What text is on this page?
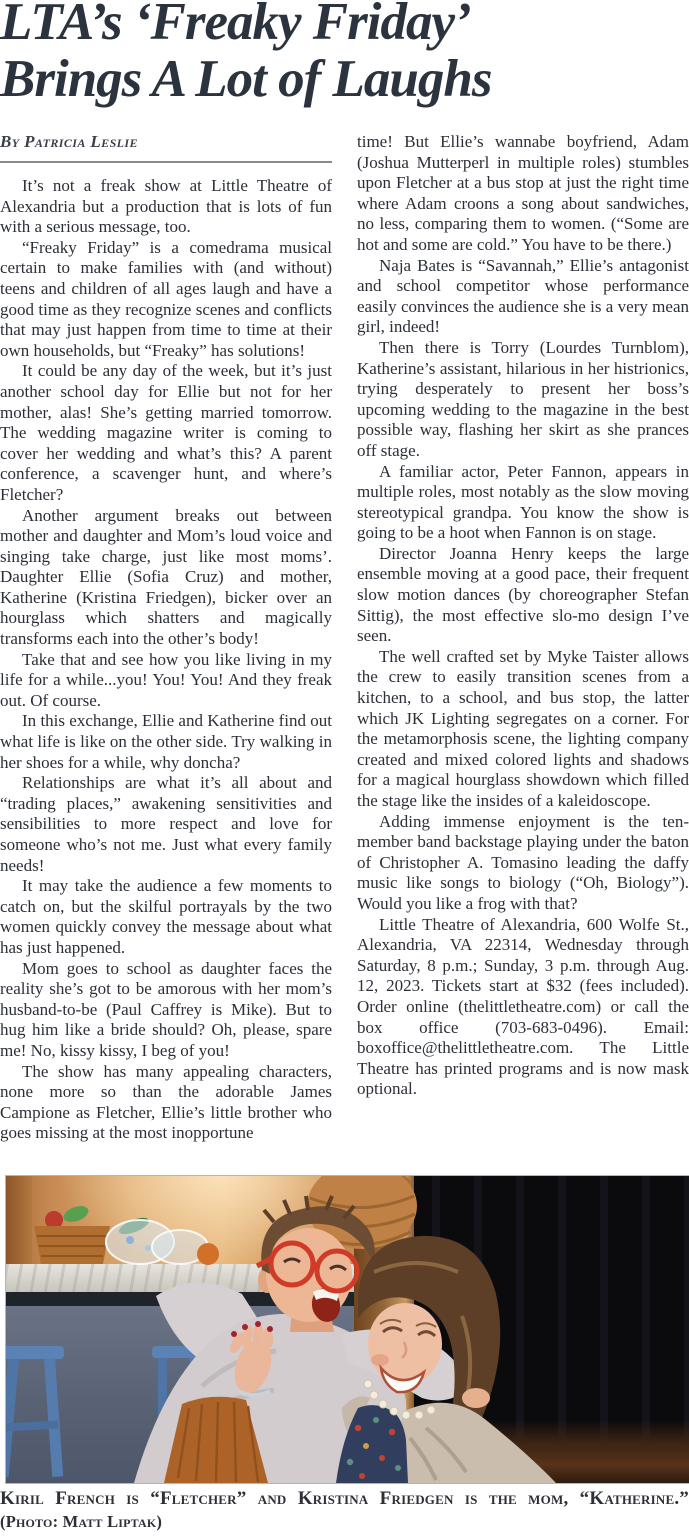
LTA’s ‘Freaky Friday’
Brings A Lot of Laughs
By Patricia Leslie

It’s not a freak show at Little Theatre of Alexandria but a production that is lots of fun with a serious message, too.

“Freaky Friday” is a comedrama musical certain to make families with (and without) teens and children of all ages laugh and have a good time as they recognize scenes and conflicts that may just happen from time to time at their own households, but “Freaky” has solutions!

It could be any day of the week, but it’s just another school day for Ellie but not for her mother, alas! She’s getting married tomorrow. The wedding magazine writer is coming to cover her wedding and what’s this? A parent conference, a scavenger hunt, and where’s Fletcher?

Another argument breaks out between mother and daughter and Mom’s loud voice and singing take charge, just like most moms’. Daughter Ellie (Sofia Cruz) and mother, Katherine (Kristina Friedgen), bicker over an hourglass which shatters and magically transforms each into the other’s body!

Take that and see how you like living in my life for a while...you! You! You! And they freak out. Of course.

In this exchange, Ellie and Katherine find out what life is like on the other side. Try walking in her shoes for a while, why doncha?

Relationships are what it’s all about and “trading places,” awakening sensitivities and sensibilities to more respect and love for someone who’s not me. Just what every family needs!

It may take the audience a few moments to catch on, but the skilful portrayals by the two women quickly convey the message about what has just happened.

Mom goes to school as daughter faces the reality she’s got to be amorous with her mom’s husband-to-be (Paul Caffrey is Mike). But to hug him like a bride should? Oh, please, spare me! No, kissy kissy, I beg of you!

The show has many appealing characters, none more so than the adorable James Campione as Fletcher, Ellie’s little brother who goes missing at the most inopportune

time! But Ellie’s wannabe boyfriend, Adam (Joshua Mutterperl in multiple roles) stumbles upon Fletcher at a bus stop at just the right time where Adam croons a song about sandwiches, no less, comparing them to women. (“Some are hot and some are cold.” You have to be there.)

Naja Bates is “Savannah,” Ellie’s antagonist and school competitor whose performance easily convinces the audience she is a very mean girl, indeed!

Then there is Torry (Lourdes Turnblom), Katherine’s assistant, hilarious in her histrionics, trying desperately to present her boss’s upcoming wedding to the magazine in the best possible way, flashing her skirt as she prances off stage.

A familiar actor, Peter Fannon, appears in multiple roles, most notably as the slow moving stereotypical grandpa. You know the show is going to be a hoot when Fannon is on stage.

Director Joanna Henry keeps the large ensemble moving at a good pace, their frequent slow motion dances (by choreographer Stefan Sittig), the most effective slo-mo design I’ve seen.

The well crafted set by Myke Taister allows the crew to easily transition scenes from a kitchen, to a school, and bus stop, the latter which JK Lighting segregates on a corner. For the metamorphosis scene, the lighting company created and mixed colored lights and shadows for a magical hourglass showdown which filled the stage like the insides of a kaleidoscope.

Adding immense enjoyment is the ten-member band backstage playing under the baton of Christopher A. Tomasino leading the daffy music like songs to biology (“Oh, Biology”). Would you like a frog with that?

Little Theatre of Alexandria, 600 Wolfe St., Alexandria, VA 22314, Wednesday through Saturday, 8 p.m.; Sunday, 3 p.m. through Aug. 12, 2023. Tickets start at $32 (fees included). Order online (thelittletheatre.com) or call the box office (703-683-0496). Email: boxoffice@thelittletheatre.com. The Little Theatre has printed programs and is now mask optional.

Kiril French is “Fletcher” and Kristina Friedgen is the mom, “Katherine.”
(Photo: Matt Liptak)
